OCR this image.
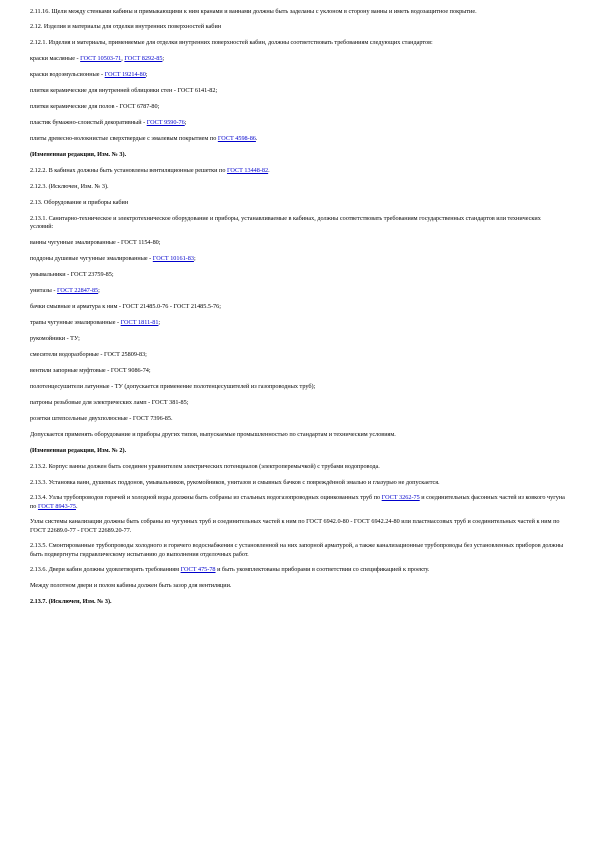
2.11.16. Щели между стенками кабины и примыкающими к ним кранами и ваннами должны быть заделаны с уклоном в сторону ванны и иметь водозащитное покрытие.

2.12. Изделия и материалы для отделки внутренних поверхностей кабин

2.12.1. Изделия и материалы, применяемые для отделки внутренних поверхностей кабин, должны соответствовать требованиям следующих стандартов:

краски масляные - ГОСТ 10503-71, ГОСТ 8292-85;

краски водоэмульсионные - ГОСТ 19214-80;

плитки керамические для внутренней облицовки стен - ГОСТ 6141-82;

плитки керамические для полов - ГОСТ 6787-80;

пластик бумажно-слоистый декоративный - ГОСТ 9590-76;

плиты древесно-волокнистые сверхтвердые с эмалевым покрытием по ГОСТ 4598-86.

(Измененная редакция, Изм. № 3).

2.12.2. В кабинах должны быть установлены вентиляционные решетки по ГОСТ 13448-82.

2.12.3. (Исключен, Изм. № 3).

2.13. Оборудование и приборы кабин

2.13.1. Санитарно-техническое и электротехническое оборудование и приборы, устанавливаемые в кабинах, должны соответствовать требованиям государственных стандартов или технических условий:

ванны чугунные эмалированные - ГОСТ 1154-80;

поддоны душевые чугунные эмалированные - ГОСТ 10161-83;

умывальники - ГОСТ 23759-85;

унитазы - ГОСТ 22847-85;

бачки смывные и арматура к ним - ГОСТ 21485.0-76 - ГОСТ 21485.5-76;

трапы чугунные эмалированные - ГОСТ 1811-81;

рукомойники - ТУ;

смесители водоразборные - ГОСТ 25809-83;

вентили запорные муфтовые - ГОСТ 9086-74;

полотенцесушители латунные - ТУ (допускается применение полотенцесушителей из газопроводных труб);

патроны резьбовые для электрических ламп - ГОСТ 381-85;

розетки штепсельные двухполюсные - ГОСТ 7396-85.

Допускается применять оборудование и приборы других типов, выпускаемые промышленностью по стандартам и техническим условиям.

(Измененная редакция, Изм. № 2).

2.13.2. Корпус ванны должен быть соединен уравнителем электрических потенциалов (электроперемычкой) с трубами водопровода.

2.13.3. Установка ванн, душевых поддонов, умывальников, рукомойников, унитазов и смывных бачков с повреждённой эмалью и глазурью не допускается.

2.13.4. Узлы трубопроводов горячей и холодной воды должны быть собраны из стальных водогазопроводных оцинкованных труб по ГОСТ 3262-75 и соединительных фасонных частей из ковкого чугуна по ГОСТ 8943-75.

Узлы системы канализации должны быть собраны из чугунных труб и соединительных частей к ним по ГОСТ 6942.0-80 - ГОСТ 6942.24-80 или пластмассовых труб и соединительных частей к ним по ГОСТ 22689.0-77 - ГОСТ 22689.20-77.

2.13.5. Смонтированные трубопроводы холодного и горячего водоснабжения с установленной на них запорной арматурой, а также канализационные трубопроводы без установленных приборов должны быть подвергнуты гидравлическому испытанию до выполнения отделочных работ.

2.13.6. Двери кабин должны удовлетворять требованиям ГОСТ 475-78 и быть укомплектованы приборами в соответствии со спецификацией к проекту.

Между полотном двери и полом кабины должен быть зазор для вентиляции.

2.13.7. (Исключен, Изм. № 3).
